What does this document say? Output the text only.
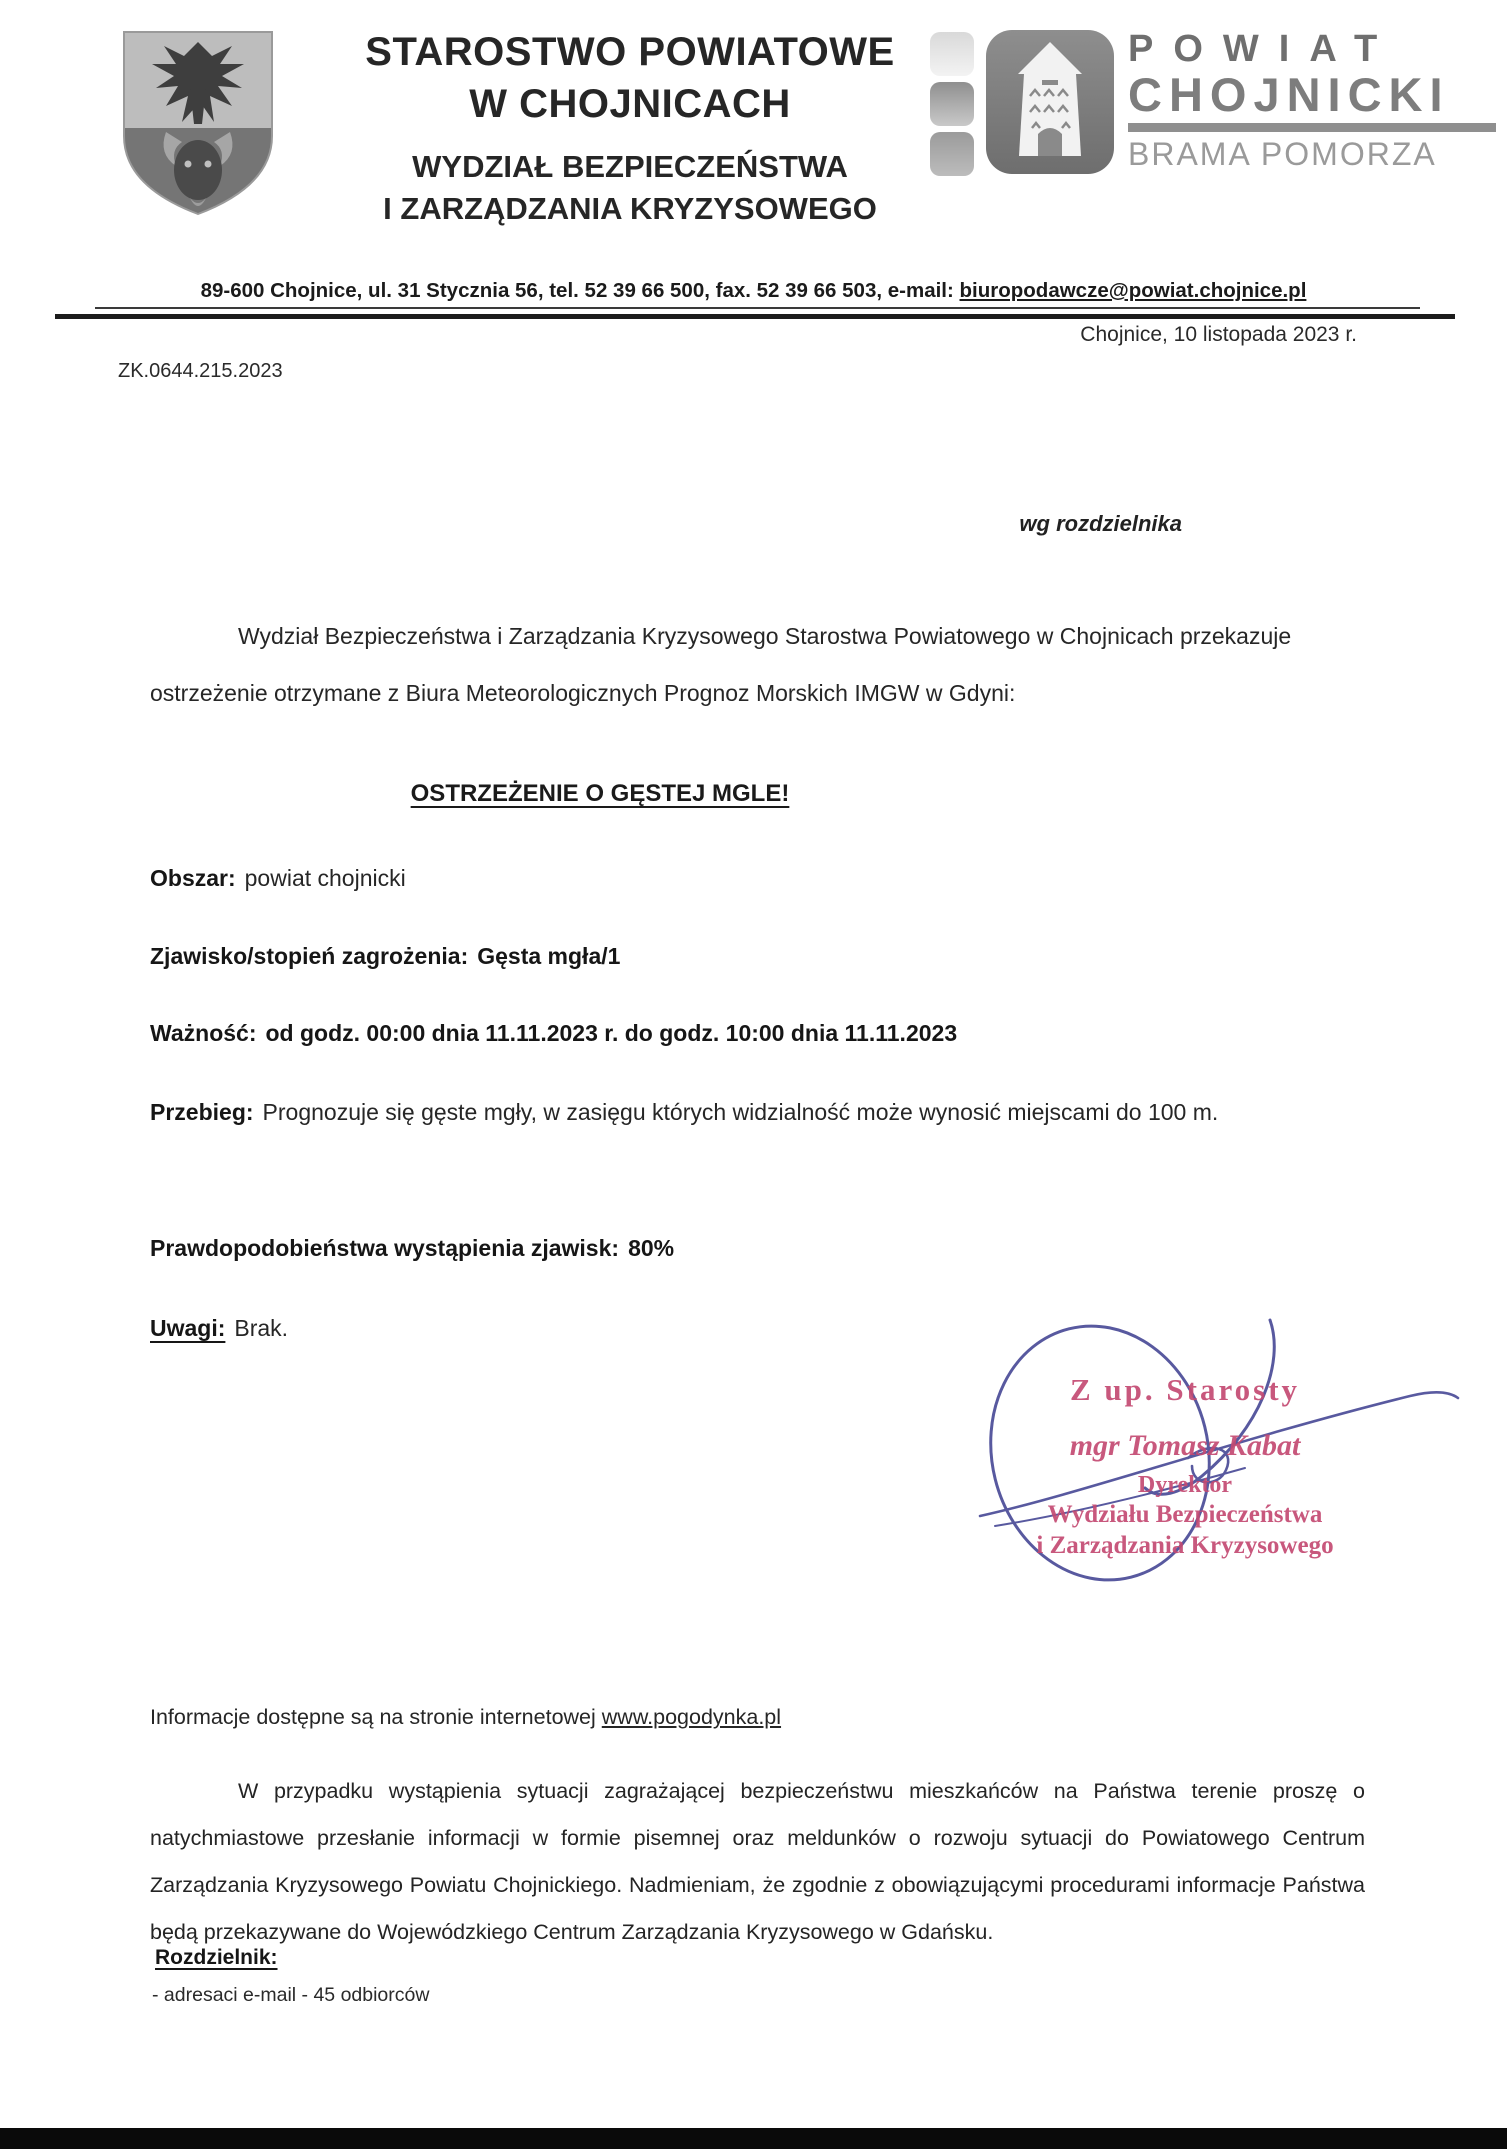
STAROSTWO POWIATOWE
W CHOJNICACH
WYDZIAŁ BEZPIECZEŃSTWA
I ZARZĄDZANIA KRYZYSOWEGO
POWIAT
CHOJNICKI
BRAMA POMORZA
89-600 Chojnice, ul. 31 Stycznia 56, tel. 52 39 66 500, fax. 52 39 66 503, e-mail: biuropodawcze@powiat.chojnice.pl
Chojnice, 10 listopada 2023 r.
ZK.0644.215.2023
wg rozdzielnika

Wydział Bezpieczeństwa i Zarządzania Kryzysowego Starostwa Powiatowego w Chojnicach przekazuje ostrzeżenie otrzymane z Biura Meteorologicznych Prognoz Morskich IMGW w Gdyni:

OSTRZEŻENIE O GĘSTEJ MGLE!
Obszar: powiat chojnicki
Zjawisko/stopień zagrożenia: Gęsta mgła/1
Ważność: od godz. 00:00 dnia 11.11.2023 r. do godz. 10:00 dnia 11.11.2023
Przebieg: Prognozuje się gęste mgły, w zasięgu których widzialność może wynosić miejscami do 100 m.
Prawdopodobieństwa wystąpienia zjawisk: 80%
Uwagi: Brak.
Z up. Starosty
mgr Tomasz Kabat
Dyrektor
Wydziału Bezpieczeństwa
i Zarządzania Kryzysowego
Informacje dostępne są na stronie internetowej www.pogodynka.pl

W przypadku wystąpienia sytuacji zagrażającej bezpieczeństwu mieszkańców na Państwa terenie proszę o natychmiastowe przesłanie informacji w formie pisemnej oraz meldunków o rozwoju sytuacji do Powiatowego Centrum Zarządzania Kryzysowego Powiatu Chojnickiego. Nadmieniam, że zgodnie z obowiązującymi procedurami informacje Państwa będą przekazywane do Wojewódzkiego Centrum Zarządzania Kryzysowego w Gdańsku.

Rozdzielnik:
- adresaci e-mail - 45 odbiorców
